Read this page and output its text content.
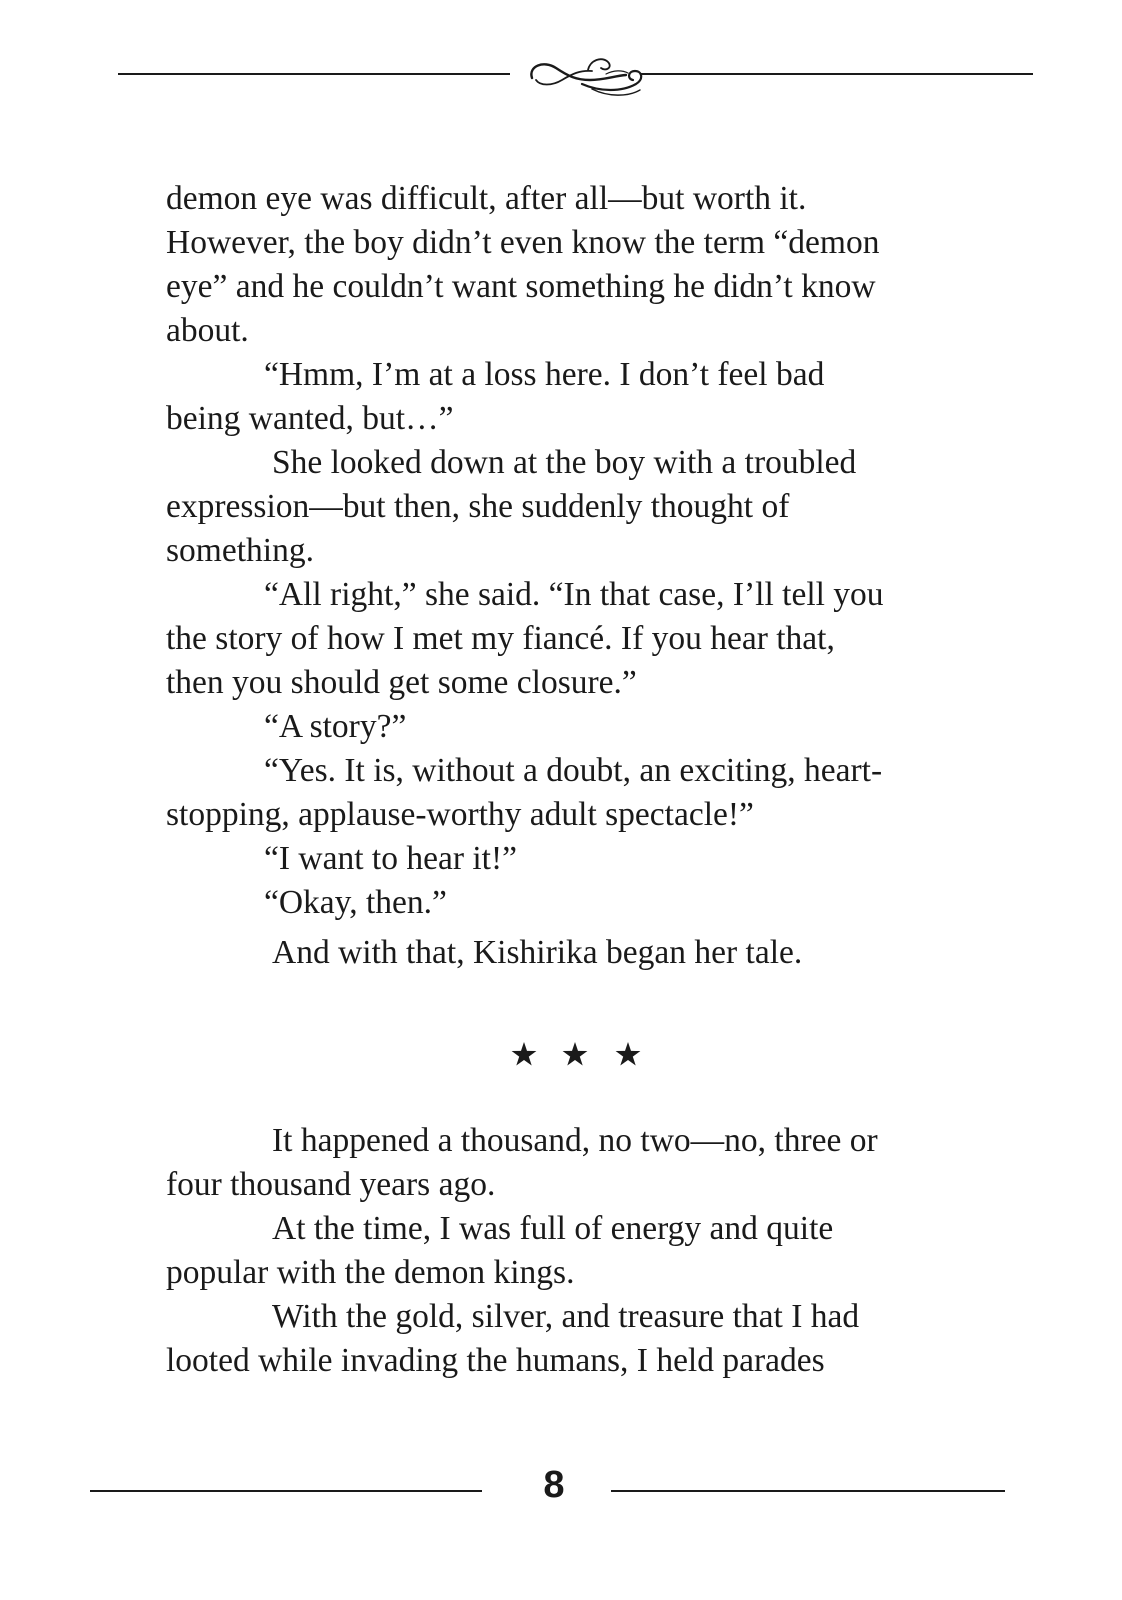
demon eye was difficult, after all—but worth it.
However, the boy didn’t even know the term “demon
eye” and he couldn’t want something he didn’t know
about.
“Hmm, I’m at a loss here. I don’t feel bad
being wanted, but…”
She looked down at the boy with a troubled
expression—but then, she suddenly thought of
something.
“All right,” she said. “In that case, I’ll tell you
the story of how I met my fiancé. If you hear that,
then you should get some closure.”
“A story?”
“Yes. It is, without a doubt, an exciting, heart-
stopping, applause-worthy adult spectacle!”
“I want to hear it!”
“Okay, then.”
And with that, Kishirika began her tale.
It happened a thousand, no two—no, three or
four thousand years ago.
At the time, I was full of energy and quite
popular with the demon kings.
With the gold, silver, and treasure that I had
looted while invading the humans, I held parades
8
